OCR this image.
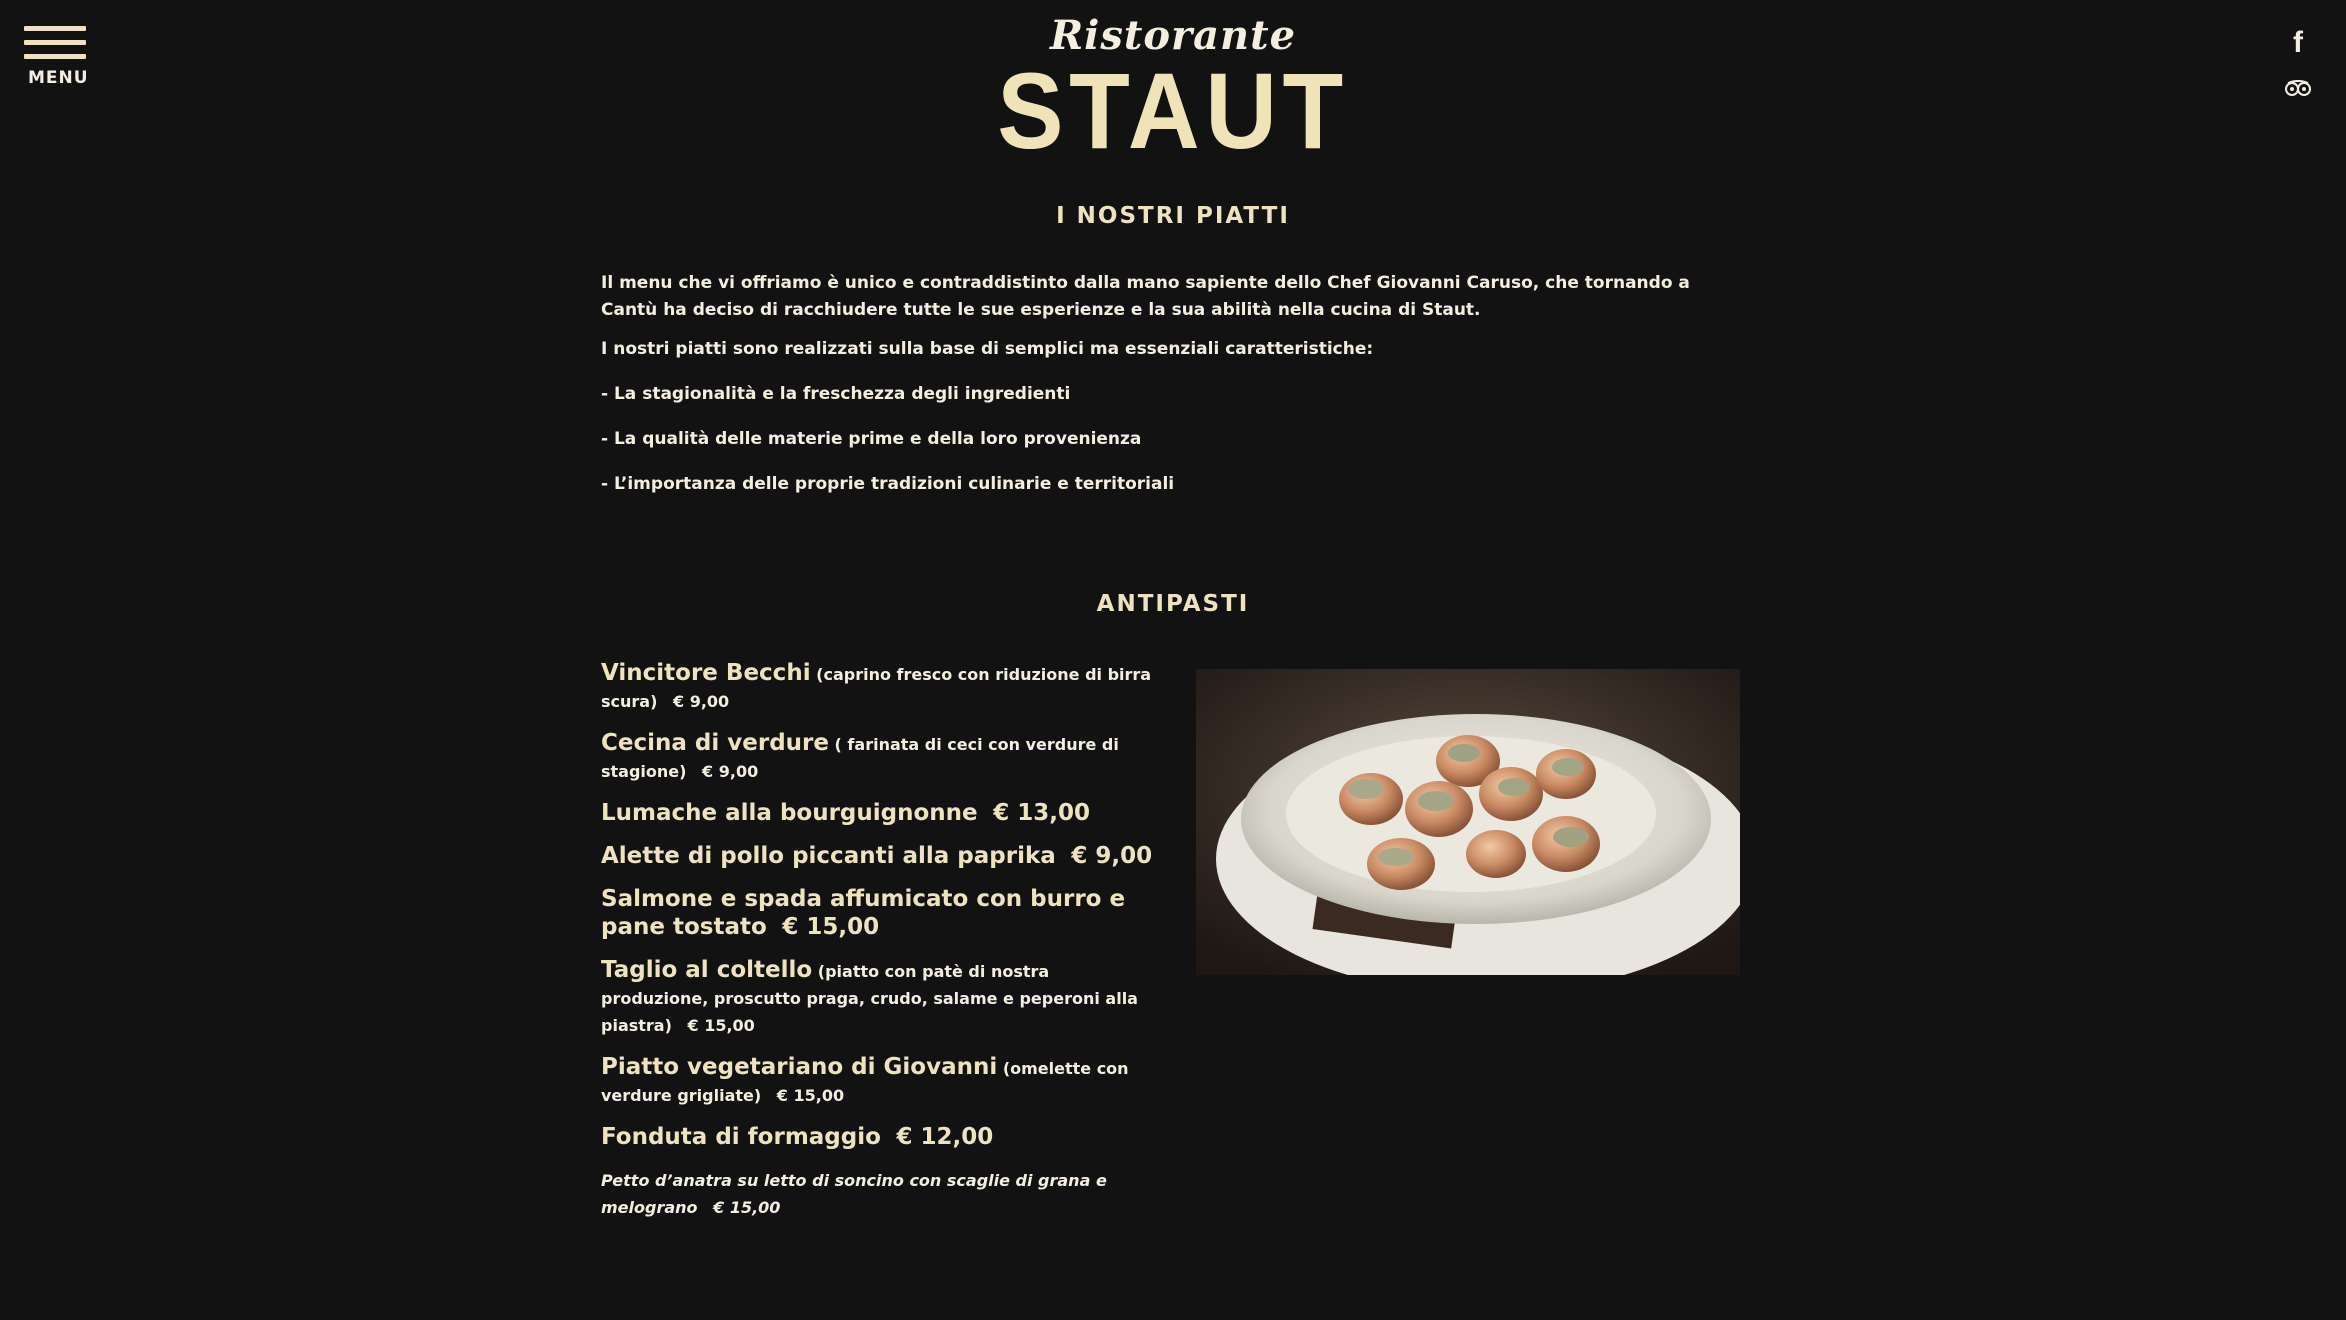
MENU
Ristorante
STAUT
f
I NOSTRI PIATTI

Il menu che vi offriamo è unico e contraddistinto dalla mano sapiente dello Chef Giovanni Caruso, che tornando a Cantù ha deciso di racchiudere tutte le sue esperienze e la sua abilità nella cucina di Staut.

I nostri piatti sono realizzati sulla base di semplici ma essenziali caratteristiche:

- La stagionalità e la freschezza degli ingredienti

- La qualità delle materie prime e della loro provenienza

- L’importanza delle proprie tradizioni culinarie e territoriali

ANTIPASTI
Vincitore Becchi (caprino fresco con riduzione di birra scura) € 9,00
Cecina di verdure ( farinata di ceci con verdure di stagione) € 9,00
Lumache alla bourguignonne € 13,00
Alette di pollo piccanti alla paprika € 9,00
Salmone e spada affumicato con burro e pane tostato € 15,00
Taglio al coltello (piatto con patè di nostra produzione, proscutto praga, crudo, salame e peperoni alla piastra) € 15,00
Piatto vegetariano di Giovanni (omelette con verdure grigliate) € 15,00
Fonduta di formaggio € 12,00
Petto d’anatra su letto di soncino con scaglie di grana e melograno € 15,00
